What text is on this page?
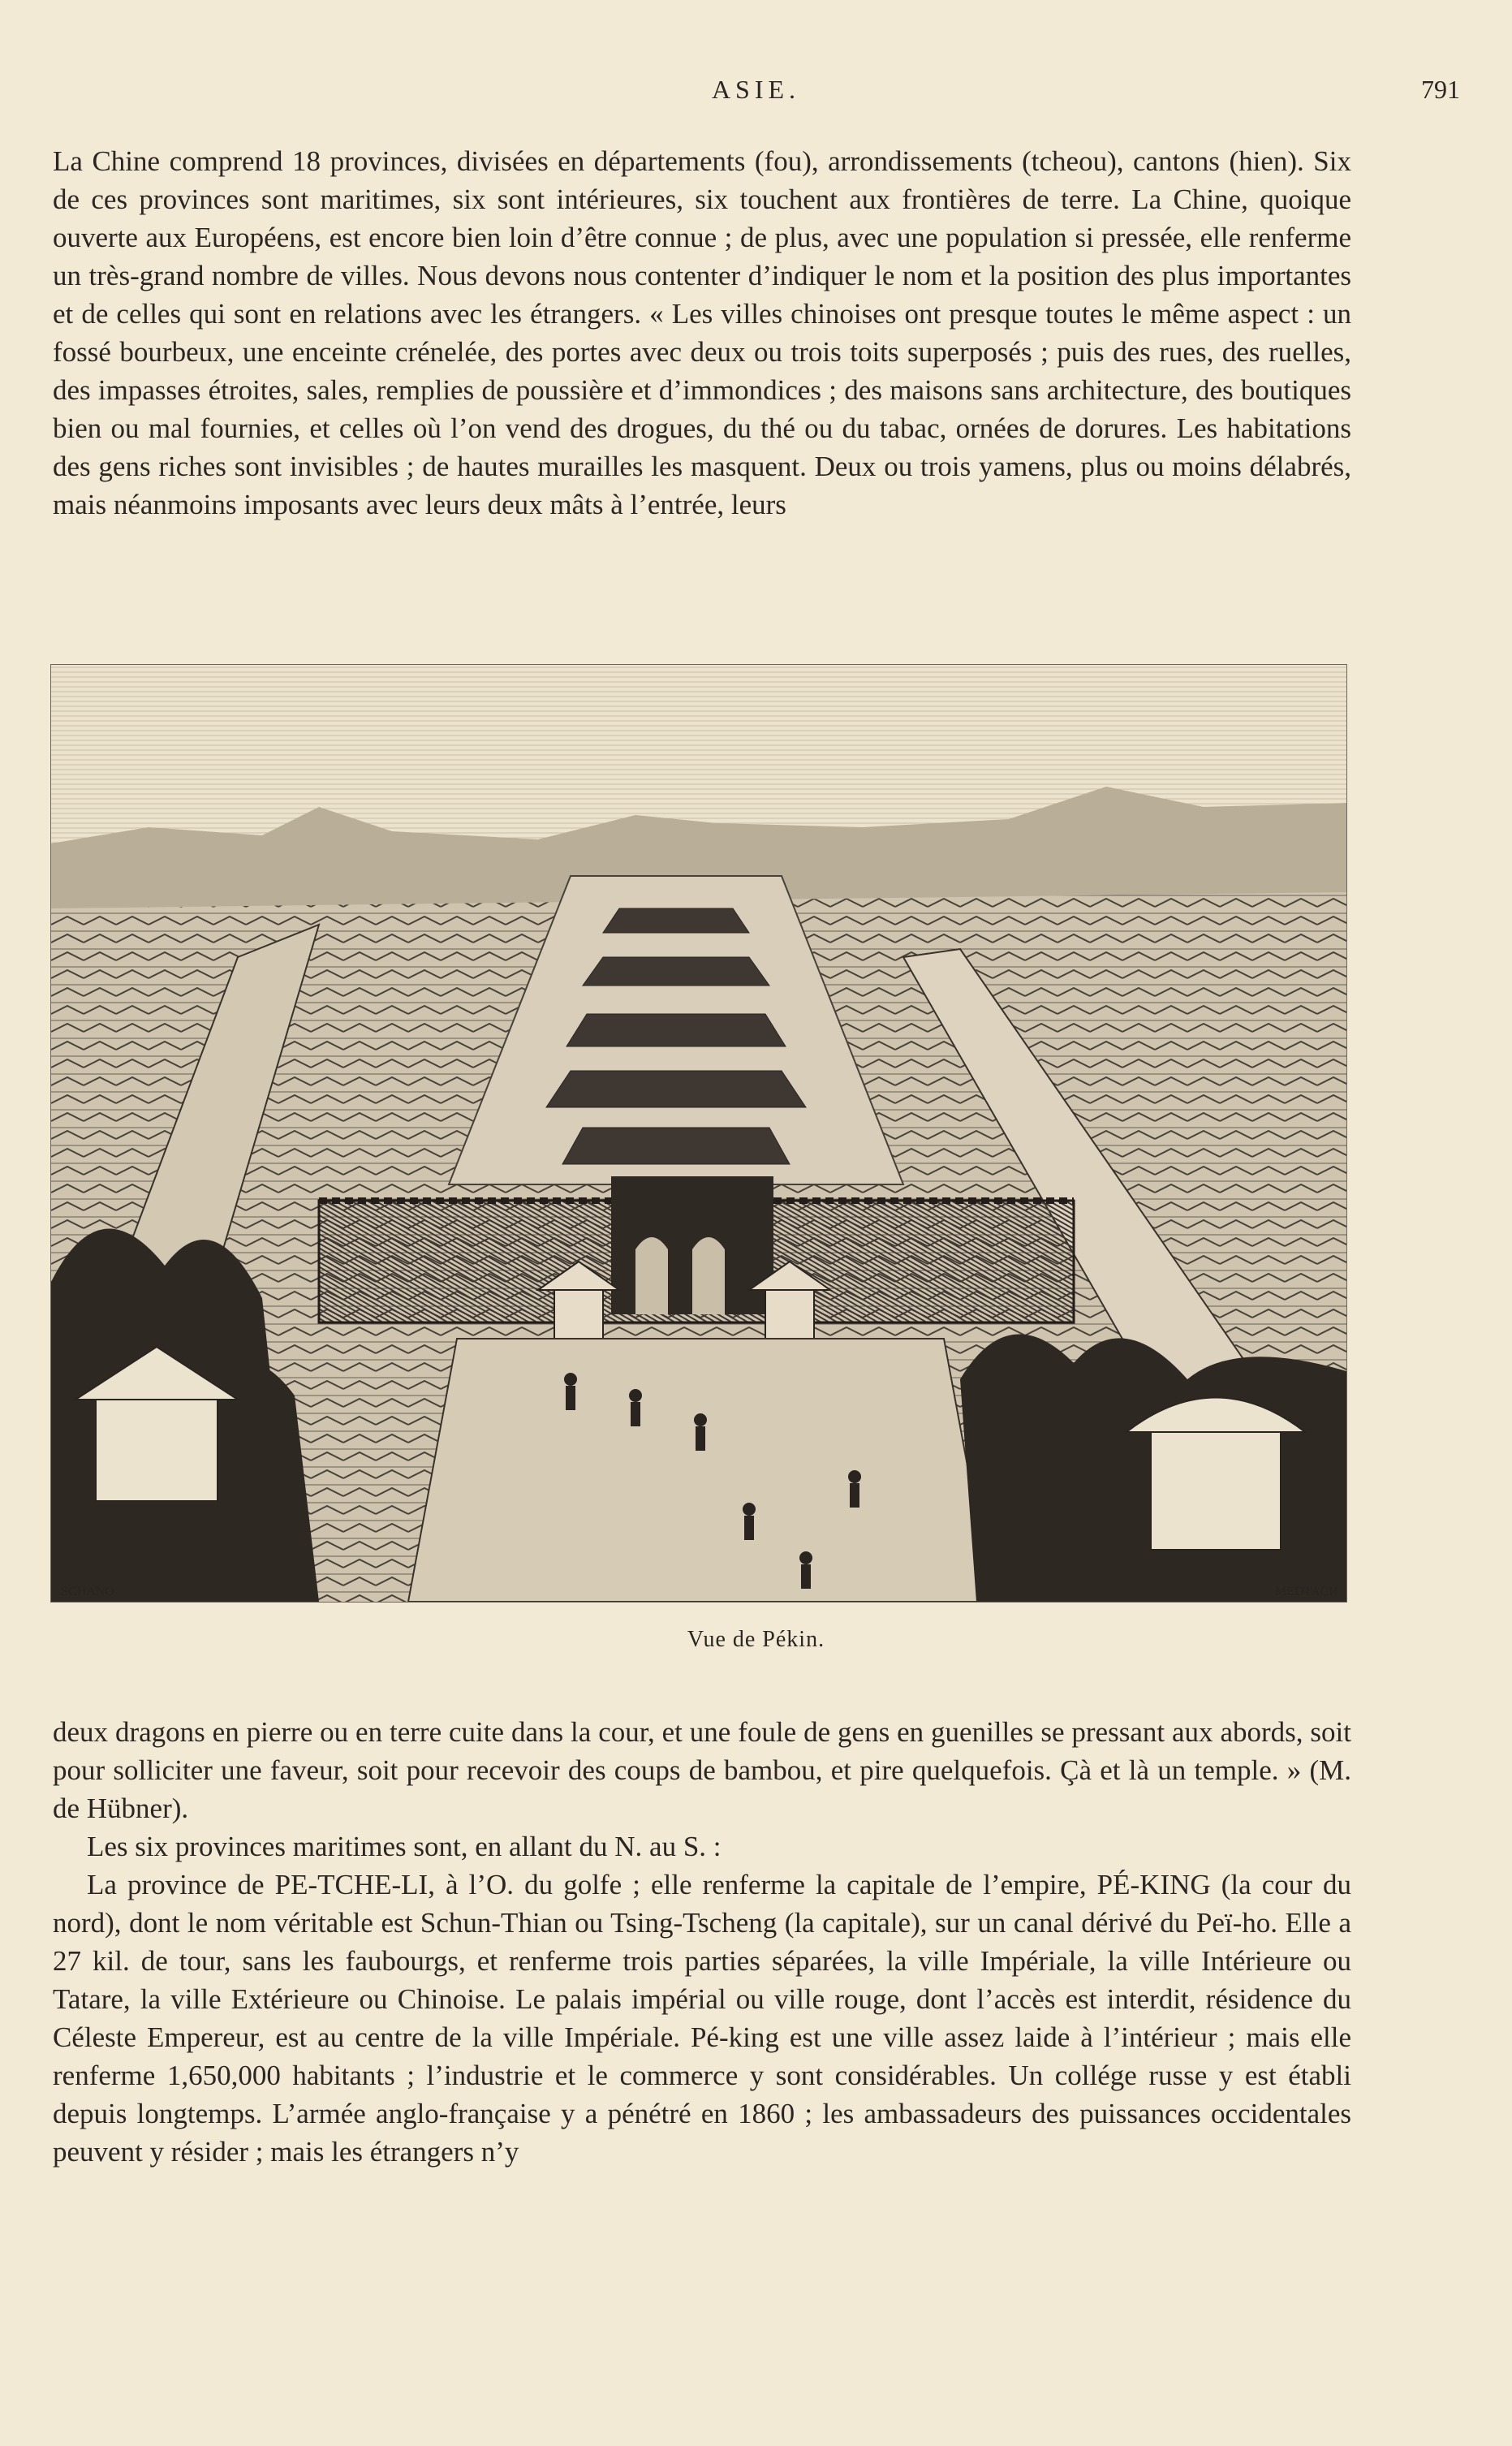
ASIE.	791

La Chine comprend 18 provinces, divisées en départements (fou), arrondissements (tcheou), cantons (hien). Six de ces provinces sont maritimes, six sont intérieures, six touchent aux frontières de terre. La Chine, quoique ouverte aux Européens, est encore bien loin d’être connue ; de plus, avec une population si pressée, elle renferme un très-grand nombre de villes. Nous devons nous contenter d’indiquer le nom et la position des plus importantes et de celles qui sont en relations avec les étrangers. « Les villes chinoises ont presque toutes le même aspect : un fossé bourbeux, une enceinte crénelée, des portes avec deux ou trois toits superposés ; puis des rues, des ruelles, des impasses étroites, sales, remplies de poussière et d’immondices ; des maisons sans architecture, des boutiques bien ou mal fournies, et celles où l’on vend des drogues, du thé ou du tabac, ornées de dorures. Les habitations des gens riches sont invisibles ; de hautes murailles les masquent. Deux ou trois yamens, plus ou moins délabrés, mais néanmoins imposants avec leurs deux mâts à l’entrée, leurs

SCHANO	MEDTACH
Vue de Pékin.

deux dragons en pierre ou en terre cuite dans la cour, et une foule de gens en guenilles se pressant aux abords, soit pour solliciter une faveur, soit pour recevoir des coups de bambou, et pire quelquefois. Çà et là un temple. » (M. de Hübner).

Les six provinces maritimes sont, en allant du N. au S. :

La province de PE-TCHE-LI, à l’O. du golfe ; elle renferme la capitale de l’empire, PÉ-KING (la cour du nord), dont le nom véritable est Schun-Thian ou Tsing-Tscheng (la capitale), sur un canal dérivé du Peï-ho. Elle a 27 kil. de tour, sans les faubourgs, et renferme trois parties séparées, la ville Impériale, la ville Intérieure ou Tatare, la ville Extérieure ou Chinoise. Le palais impérial ou ville rouge, dont l’accès est interdit, résidence du Céleste Empereur, est au centre de la ville Impériale. Pé-king est une ville assez laide à l’intérieur ; mais elle renferme 1,650,000 habitants ; l’industrie et le commerce y sont considérables. Un collége russe y est établi depuis longtemps. L’armée anglo-française y a pénétré en 1860 ; les ambassadeurs des puissances occidentales peuvent y résider ; mais les étrangers n’y
